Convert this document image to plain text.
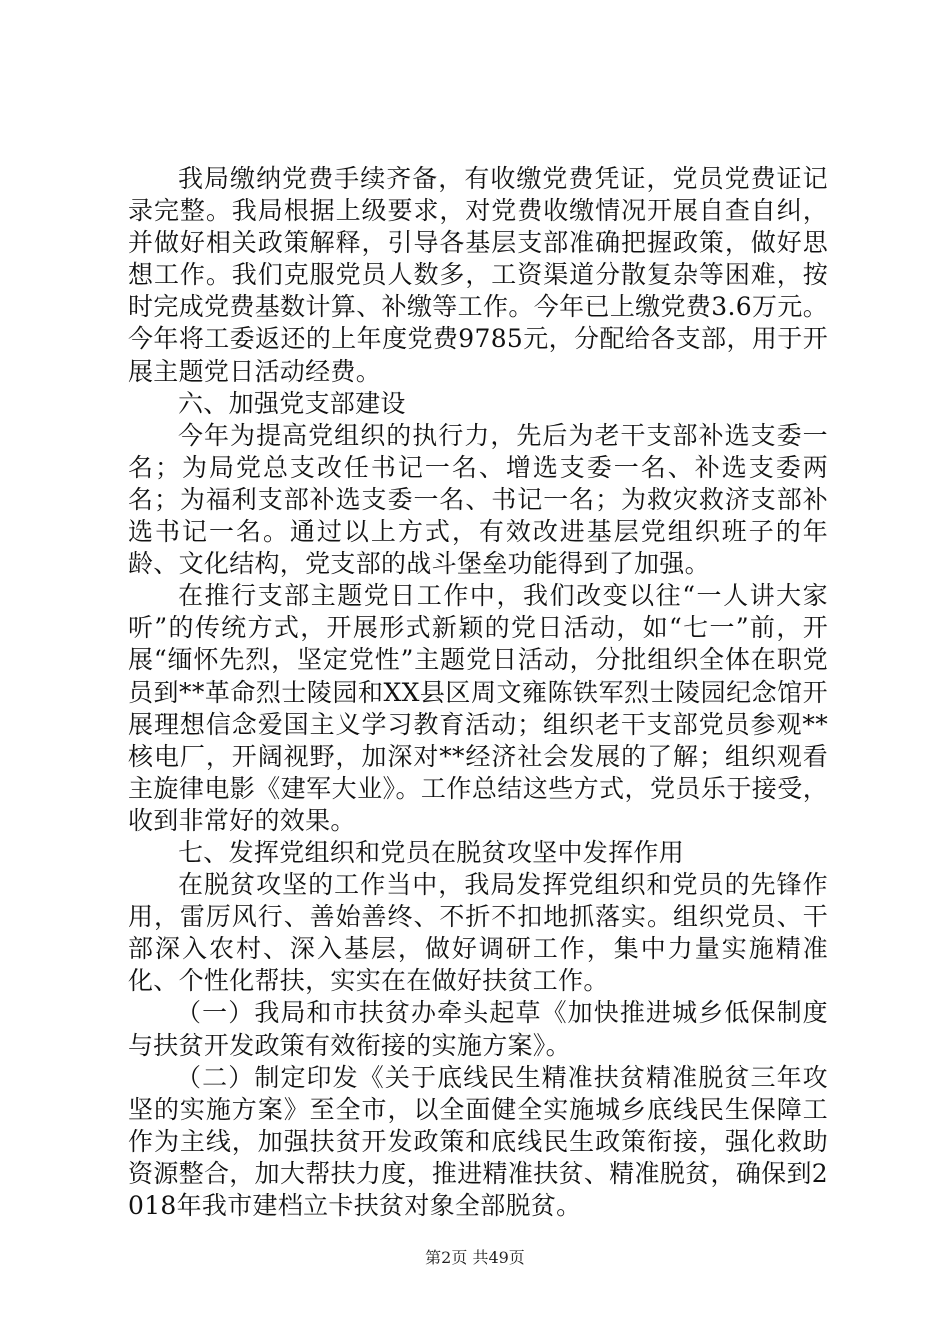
我局缴纳党费手续齐备，有收缴党费凭证，党员党费证记录完整。我局根据上级要求，对党费收缴情况开展自查自纠，并做好相关政策解释，引导各基层支部准确把握政策，做好思想工作。我们克服党员人数多，工资渠道分散复杂等困难，按时完成党费基数计算、补缴等工作。今年已上缴党费3.6万元。今年将工委返还的上年度党费9785元，分配给各支部，用于开展主题党日活动经费。

六、加强党支部建设

今年为提高党组织的执行力，先后为老干支部补选支委一名；为局党总支改任书记一名、增选支委一名、补选支委两名；为福利支部补选支委一名、书记一名；为救灾救济支部补选书记一名。通过以上方式，有效改进基层党组织班子的年龄、文化结构，党支部的战斗堡垒功能得到了加强。

在推行支部主题党日工作中，我们改变以往“一人讲大家听”的传统方式，开展形式新颖的党日活动，如“七一”前，开展“缅怀先烈，坚定党性”主题党日活动，分批组织全体在职党员到**革命烈士陵园和XX县区周文雍陈铁军烈士陵园纪念馆开展理想信念爱国主义学习教育活动；组织老干支部党员参观**核电厂，开阔视野，加深对**经济社会发展的了解；组织观看主旋律电影《建军大业》。工作总结这些方式，党员乐于接受，收到非常好的效果。

七、发挥党组织和党员在脱贫攻坚中发挥作用

在脱贫攻坚的工作当中，我局发挥党组织和党员的先锋作用，雷厉风行、善始善终、不折不扣地抓落实。组织党员、干部深入农村、深入基层，做好调研工作，集中力量实施精准化、个性化帮扶，实实在在做好扶贫工作。

（一）我局和市扶贫办牵头起草《加快推进城乡低保制度与扶贫开发政策有效衔接的实施方案》。

（二）制定印发《关于底线民生精准扶贫精准脱贫三年攻坚的实施方案》至全市，以全面健全实施城乡底线民生保障工作为主线，加强扶贫开发政策和底线民生政策衔接，强化救助资源整合，加大帮扶力度，推进精准扶贫、精准脱贫，确保到2018年我市建档立卡扶贫对象全部脱贫。

第2页 共49页
